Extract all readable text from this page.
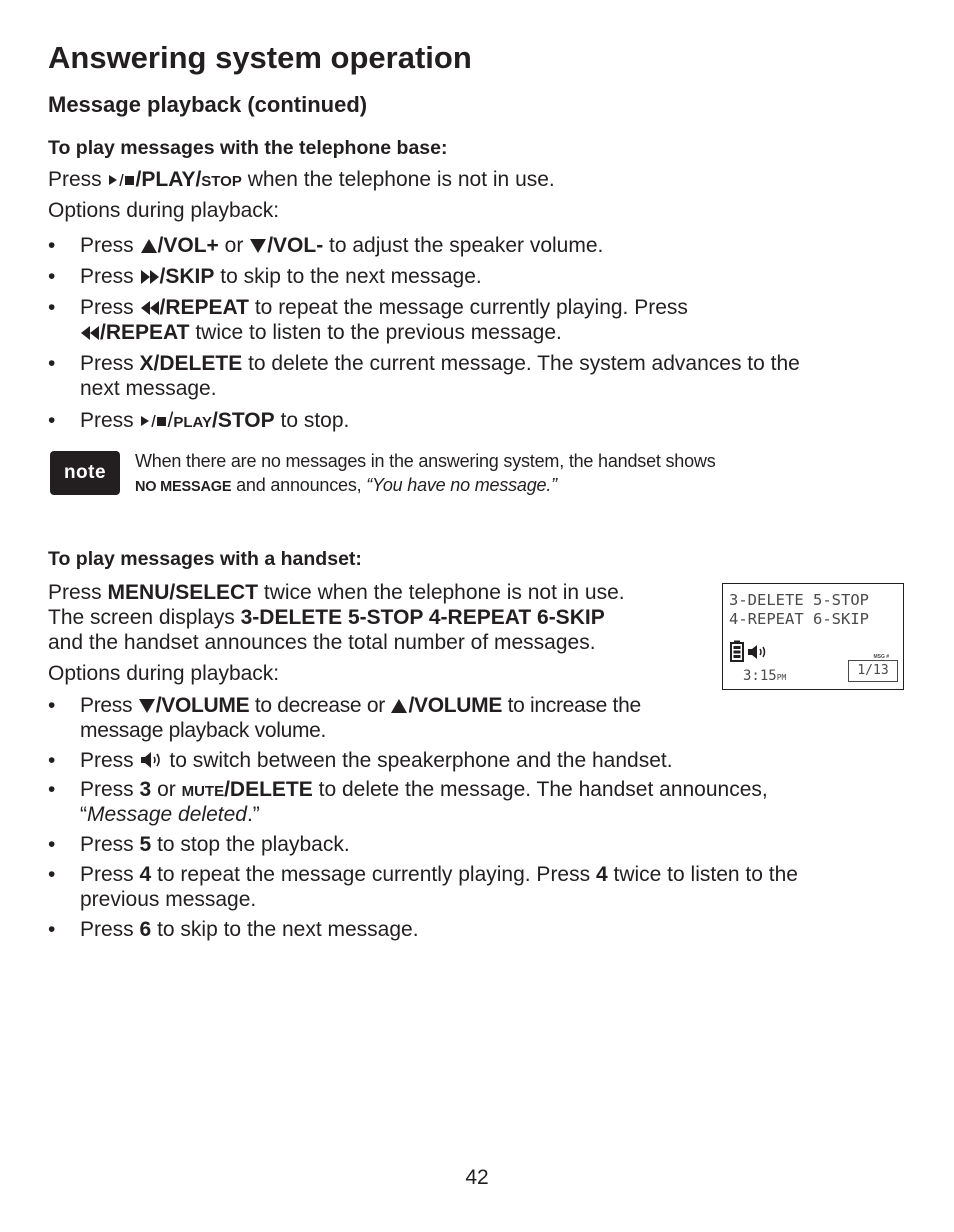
Answering system operation
Message playback (continued)
To play messages with the telephone base:
Press /PLAY/STOP when the telephone is not in use.
Options during playback:
•	Press /VOL+ or /VOL- to adjust the speaker volume.
•	Press /SKIP to skip to the next message.
•	Press /REPEAT to repeat the message currently playing. Press
/REPEAT twice to listen to the previous message.
•	Press X/DELETE to delete the current message. The system advances to the
next message.
•	Press /PLAY/STOP to stop.
note
When there are no messages in the answering system, the handset shows
NO MESSAGE and announces, “You have no message.”
To play messages with a handset:
Press MENU/SELECT twice when the telephone is not in use.
The screen displays 3-DELETE 5-STOP 4-REPEAT 6-SKIP
and the handset announces the total number of messages.
Options during playback:
3-DELETE 5-STOP
4-REPEAT 6-SKIP
3:15PM
MSG #
1/13
•	Press /VOLUME to decrease or /VOLUME to increase the
message playback volume.
•	Press to switch between the speakerphone and the handset.
•	Press 3 or MUTE/DELETE to delete the message. The handset announces,
“Message deleted.”
•	Press 5 to stop the playback.
•	Press 4 to repeat the message currently playing. Press 4 twice to listen to the
previous message.
•	Press 6 to skip to the next message.
42
